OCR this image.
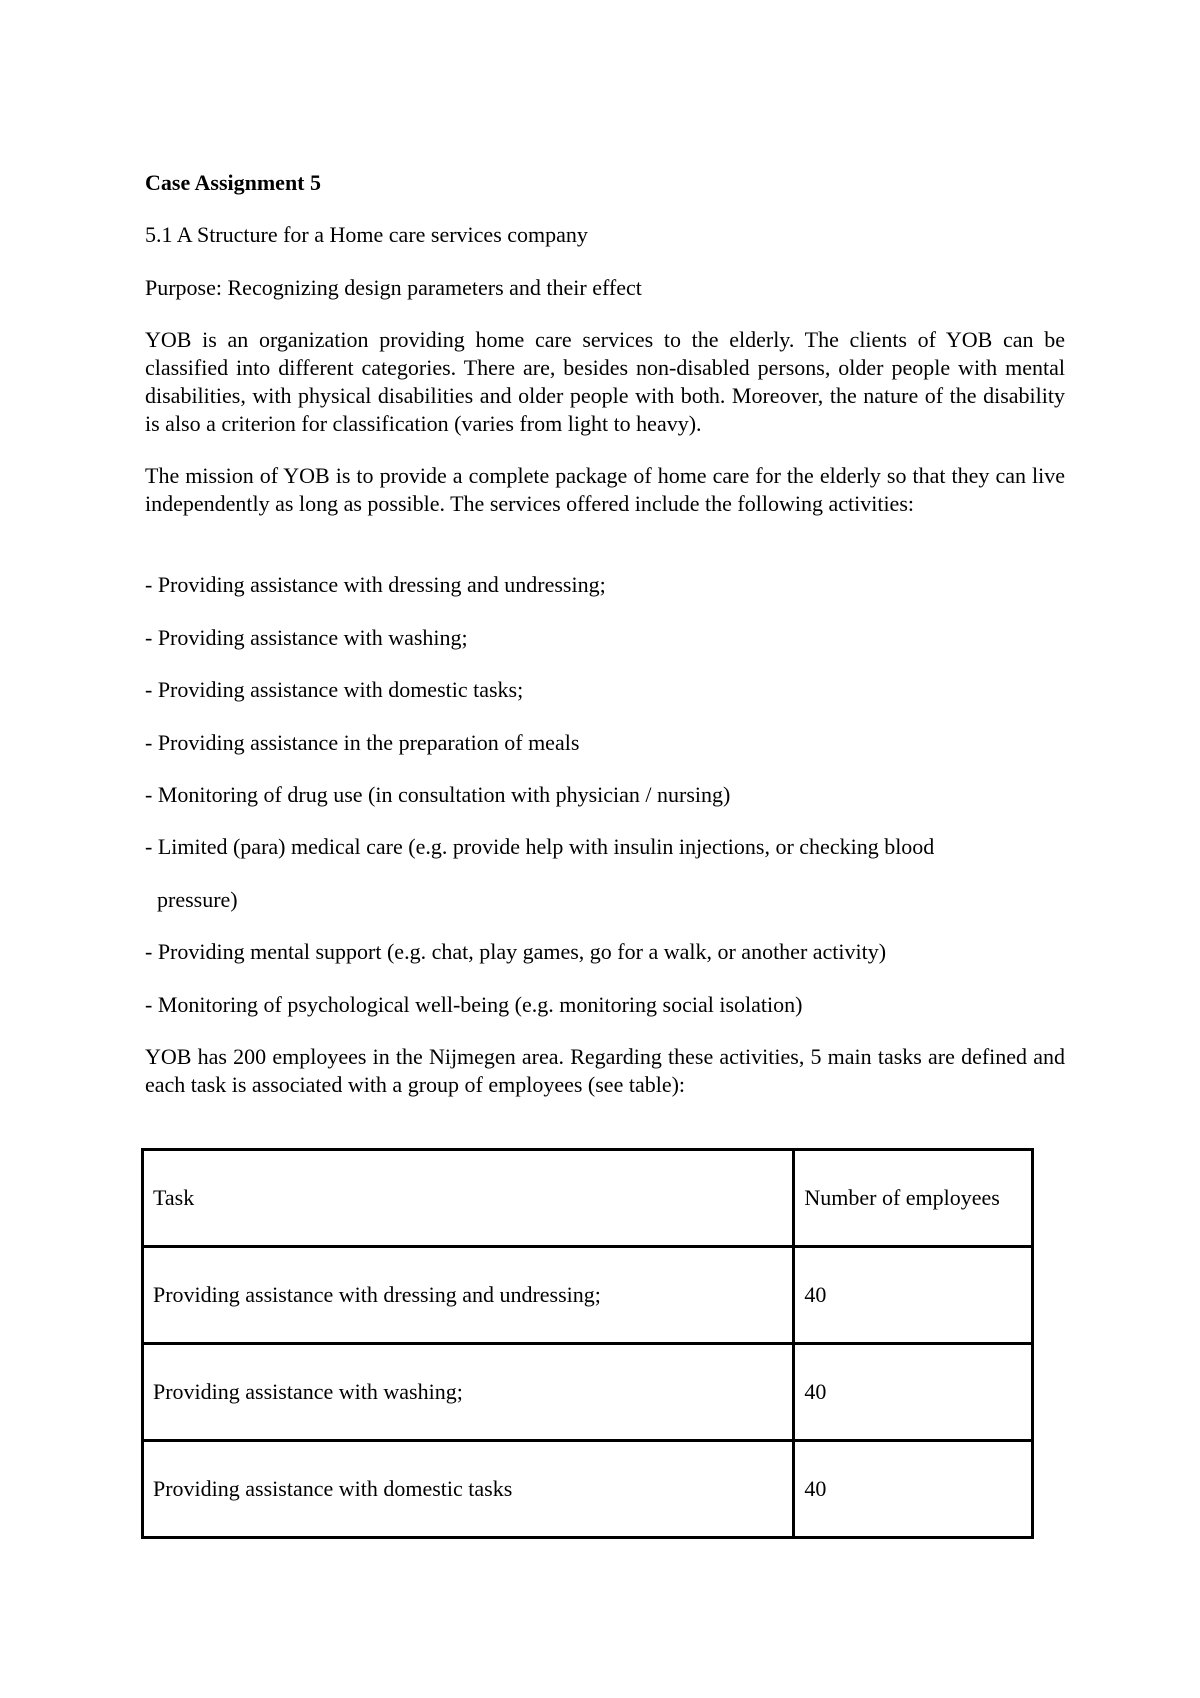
Case Assignment 5
5.1 A Structure for a Home care services company
Purpose: Recognizing design parameters and their effect
YOB is an organization providing home care services to the elderly. The clients of YOB can be classified into different categories. There are, besides non-disabled persons, older people with mental disabilities, with physical disabilities and older people with both. Moreover, the nature of the disability is also a criterion for classification (varies from light to heavy).
The mission of YOB is to provide a complete package of home care for the elderly so that they can live independently as long as possible. The services offered include the following activities:
- Providing assistance with dressing and undressing;
- Providing assistance with washing;
- Providing assistance with domestic tasks;
- Providing assistance in the preparation of meals
- Monitoring of drug use (in consultation with physician / nursing)
- Limited (para) medical care (e.g. provide help with insulin injections, or checking blood
pressure)
- Providing mental support (e.g. chat, play games, go for a walk, or another activity)
- Monitoring of psychological well-being (e.g. monitoring social isolation)
YOB has 200 employees in the Nijmegen area. Regarding these activities, 5 main tasks are defined and each task is associated with a group of employees (see table):
Task	Number of employees
Providing assistance with dressing and undressing;	40
Providing assistance with washing;	40
Providing assistance with domestic tasks	40
